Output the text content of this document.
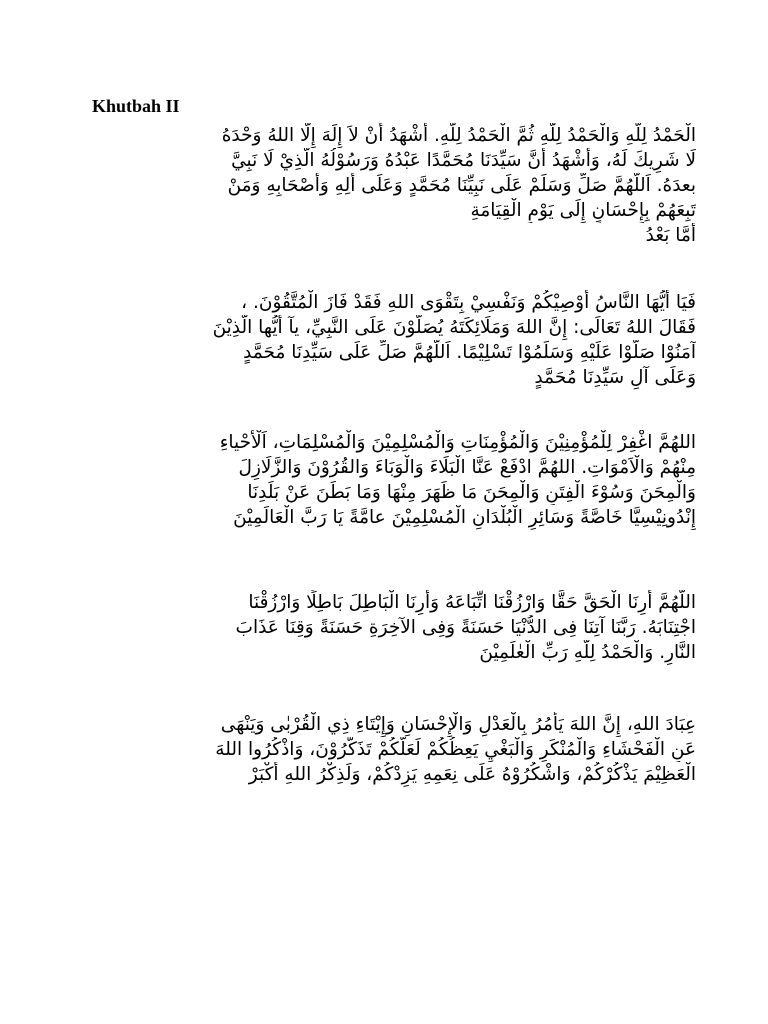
Khutbah II
الْحَمْدُ لِلَّهِ وَالْحَمْدُ لِلَّهِ ثُمَّ الْحَمْدُ لِلَّهِ. أَشْهَدُ أَنْ لاَ إِلَهَ إِلَّا اللهُ وَحْدَهُ
لَا شَرِيكَ لَهُ، وَأَشْهَدُ أَنَّ سَيِّدَنَا مُحَمَّدًا عَبْدُهُ وَرَسُوْلُهُ الَّذِيْ لَا نَبِيَّ
بعدَهُ. اَللَّهُمَّ صَلِّ وَسَلِّمْ عَلَى نَبِيِّنَا مُحَمَّدٍ وَعَلَى أَلِهِ وَأَصْحَابِهِ وَمَنْ
تَبِعَهُمْ بِإِحْسَانٍ إِلَى يَوْمِ الْقِيَامَةِ
أَمَّا بَعْدُ
فَيَا أَيُّهَا النَّاسُ أُوْصِيْكُمْ وَنَفْسِيْ بِتَقْوَى اللهِ فَقَدْ فَازَ الْمُتَّقُوْنَ. ،
فَقَالَ اللهُ تَعَالَى: إِنَّ اللهَ وَمَلَائِكَتَهُ يُصَلُّوْنَ عَلَى النَّبِيِّ، يآ أَيُّها الَّذِيْنَ
آمَنُوْا صَلُّوْا عَلَيْهِ وَسَلِّمُوْا تَسْلِيْمًا. اَللَّهُمَّ صَلِّ عَلَى سَيِّدِنَا مُحَمَّدٍ
وَعَلَى آلِ سَيِّدِنَا مُحَمَّدٍ
اللهُمَّ اغْفِرْ لِلْمُؤْمِنِيْنَ وَالْمُؤْمِنَاتِ وَالْمُسْلِمِيْنَ وَالْمُسْلِمَاتِ، اَلْأَحْياءِ
مِنْهُمْ وَالْاَمْوَاتِ. اللهُمَّ ادْفَعْ عَنَّا الْبَلَاءَ وَالْوَبَاءَ وَالقُرُوْنَ وَالزَّلَازِلَ
وَالْمِحَنَ وَسُوْءَ الْفِتَنِ وَالْمِحَنَ مَا ظَهَرَ مِنْهَا وَمَا بَطَنَ عَنْ بَلَدِنَا
إِنْدُونِيْسِيَّا خَاصَّةً وَسَائِرِ الْبُلْدَانِ الْمُسْلِمِيْنَ عامَّةً يَا رَبَّ الْعَالَمِيْنَ
اللَّهُمَّ أَرِنَا الْحَقَّ حَقًّا وَارْزُقْنَا اتِّبَاعَهُ وَأَرِنَا الْبَاطِلَ بَاطِلًا وَارْزُقْنَا
اجْتِنَابَهُ. رَبَّنَا آتِنَا فِى الدُّنْيَا حَسَنَةً وَفِى الآخِرَةِ حَسَنَةً وَقِنَا عَذَابَ
النَّارِ. وَالْحَمْدُ لِلَّهِ رَبِّ الْعٰلَمِيْنَ
عِبَادَ اللهِ، إِنَّ اللهَ يَأْمُرُ بِالْعَدْلِ وَالْإِحْسَانِ وَإِيْتَاءِ ذِي الْقُرْبٰى وَيَنْهَى
عَنِ الْفَحْشَاءِ وَالْمُنْكَرِ وَالْبَغْيِ يَعِظُكُمْ لَعَلَّكُمْ تَذَكَّرُوْنَ، وَاذْكُرُوا اللهَ
الْعَظِيْمَ يَذْكُرْكُمْ، وَاشْكُرُوْهُ عَلَى نِعَمِهِ يَزِدْكُمْ، وَلَذِكْرُ اللهِ أَكْبَرْ
